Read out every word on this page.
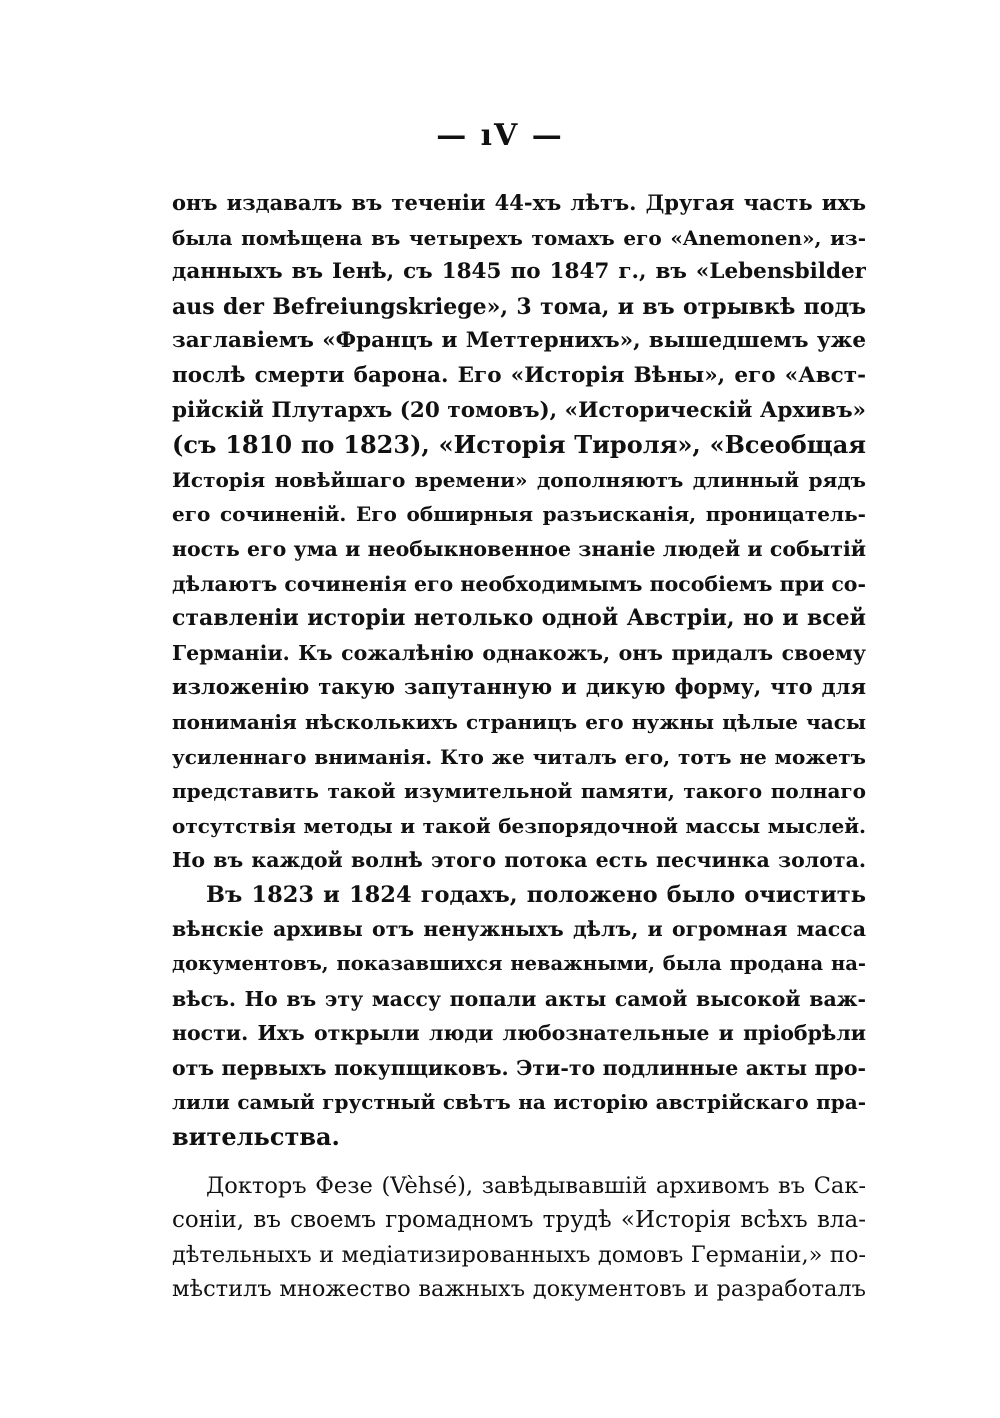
— ıV —
онъ издавалъ въ теченіи 44-хъ лѣтъ. Другая часть ихъ
была помѣщена въ четырехъ томахъ его «Anemonen», из-
данныхъ въ Іенѣ, съ 1845 по 1847 г., въ «Lebensbilder
aus der Befreiungskriege», 3 тома, и въ отрывкѣ подъ
заглавіемъ «Францъ и Меттернихъ», вышедшемъ уже
послѣ смерти барона. Его «Исторія Вѣны», его «Авст-
рійскій Плутархъ (20 томовъ), «Историческій Архивъ»
(съ 1810 по 1823), «Исторія Тироля», «Всеобщая
Исторія новѣйшаго времени» дополняютъ длинный рядъ
его сочиненій. Его обширныя разъисканія, проницатель-
ность его ума и необыкновенное знаніе людей и событій
дѣлаютъ сочиненія его необходимымъ пособіемъ при со-
ставленіи исторіи нетолько одной Австріи, но и всей
Германіи. Къ сожалѣнію однакожъ, онъ придалъ своему
изложенію такую запутанную и дикую форму, что для
пониманія нѣсколькихъ страницъ его нужны цѣлые часы
усиленнаго вниманія. Кто же читалъ его, тотъ не можетъ
представить такой изумительной памяти, такого полнаго
отсутствія методы и такой безпорядочной массы мыслей.
Но въ каждой волнѣ этого потока есть песчинка золота.
Въ 1823 и 1824 годахъ, положено было очистить
вѣнскіе архивы отъ ненужныхъ дѣлъ, и огромная масса
документовъ, показавшихся неважными, была продана на-
вѣсъ. Но въ эту массу попали акты самой высокой важ-
ности. Ихъ открыли люди любознательные и пріобрѣли
отъ первыхъ покупщиковъ. Эти-то подлинные акты про-
лили самый грустный свѣтъ на исторію австрійскаго пра-
вительства.
Докторъ Фезе (Vèhsé), завѣдывавшій архивомъ въ Сак-
соніи, въ своемъ громадномъ трудѣ «Исторія всѣхъ вла-
дѣтельныхъ и медіатизированныхъ домовъ Германіи,» по-
мѣстилъ множество важныхъ документовъ и разработалъ
